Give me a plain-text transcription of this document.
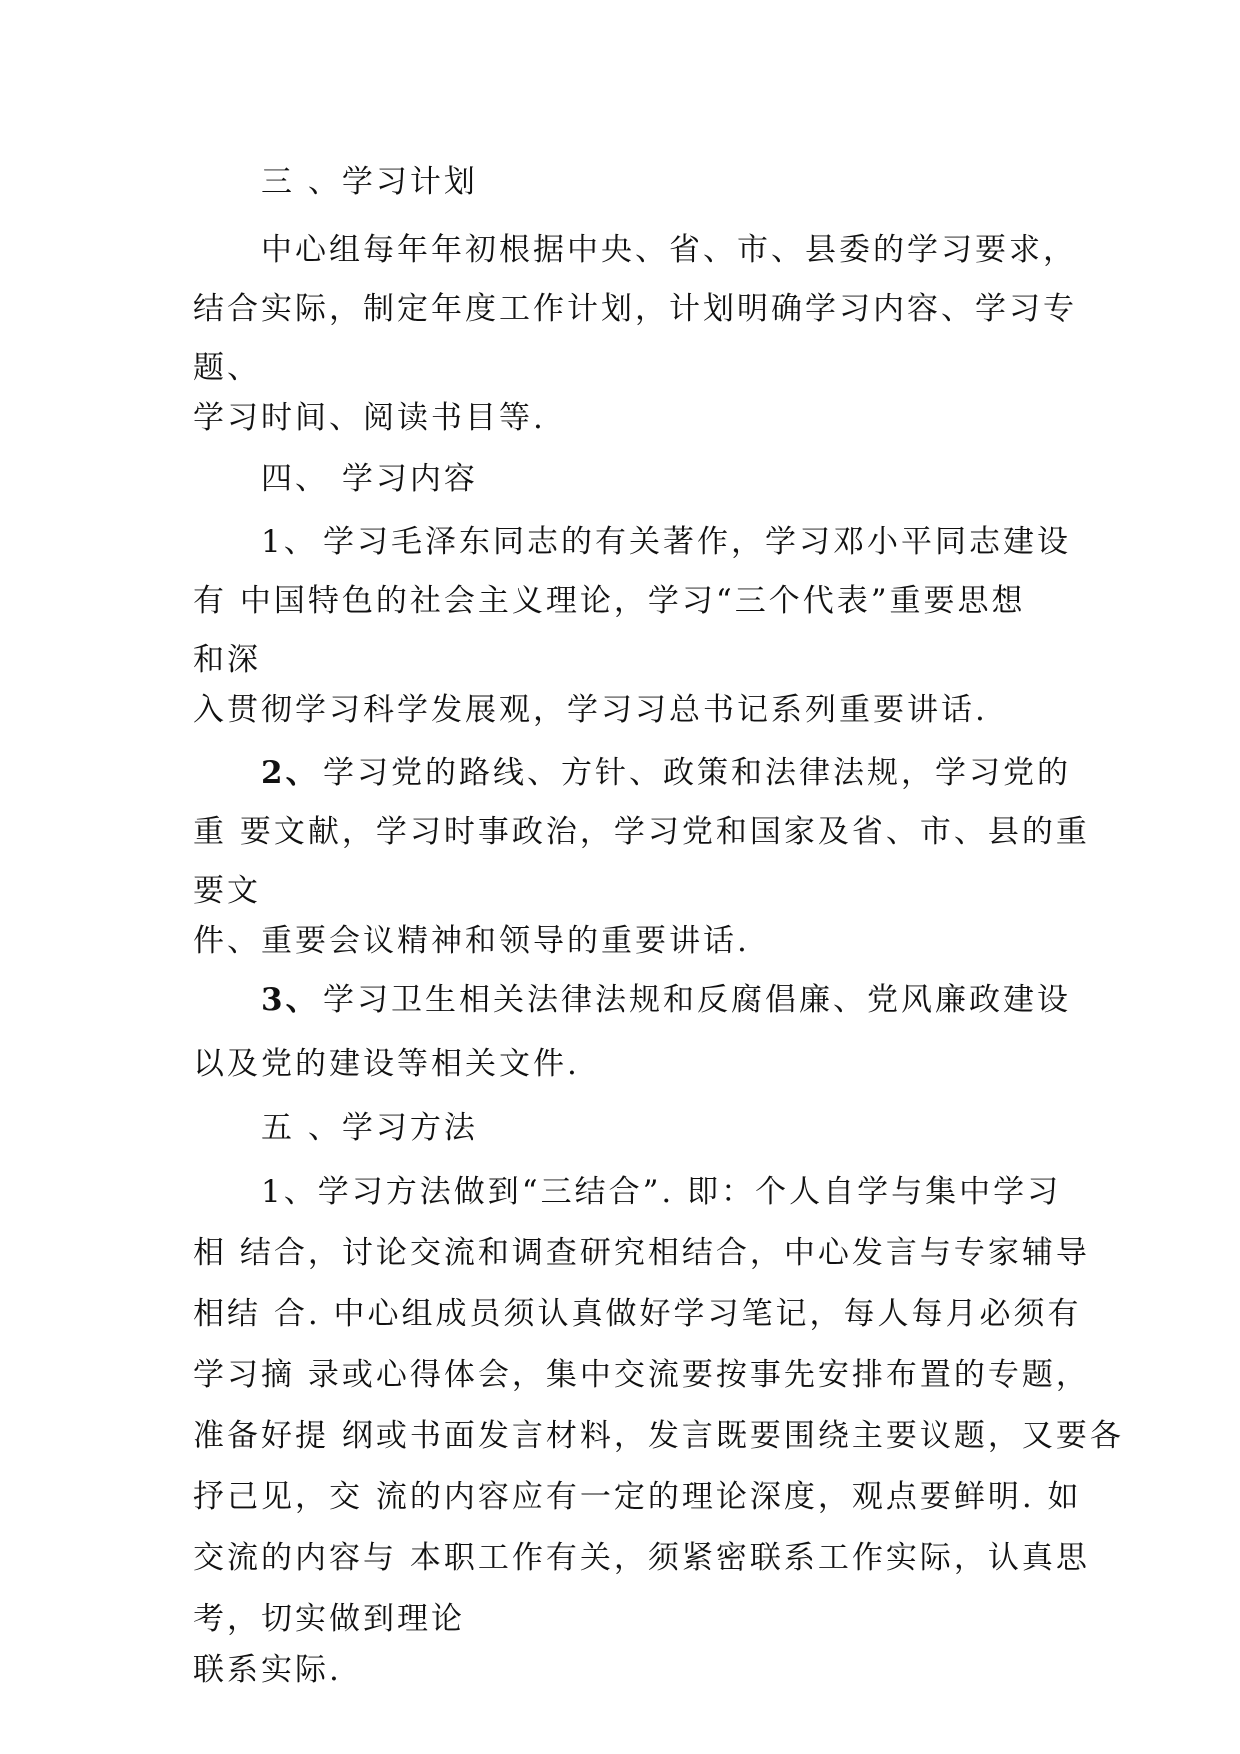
三 、学习计划

中心组每年年初根据中央、省、市、县委的学习要求，

结合实际，制定年度工作计划，计划明确学习内容、学习专

题、

学习时间、阅读书目等.

四、 学习内容

1、 学习毛泽东同志的有关著作，学习邓小平同志建设

有 中国特色的社会主义理论，学习“三个代表”重要思想

和深

入贯彻学习科学发展观，学习习总书记系列重要讲话.

2、 学习党的路线、方针、政策和法律法规，学习党的

重 要文献，学习时事政治，学习党和国家及省、市、县的重

要文

件、重要会议精神和领导的重要讲话.

3、 学习卫生相关法律法规和反腐倡廉、党风廉政建设

以及党的建设等相关文件.

五 、学习方法

1、学习方法做到“三结合”. 即：个人自学与集中学习

相 结合，讨论交流和调查研究相结合，中心发言与专家辅导

相结 合. 中心组成员须认真做好学习笔记，每人每月必须有

学习摘 录或心得体会，集中交流要按事先安排布置的专题，

准备好提 纲或书面发言材料，发言既要围绕主要议题，又要各

抒己见，交 流的内容应有一定的理论深度，观点要鲜明. 如

交流的内容与 本职工作有关，须紧密联系工作实际，认真思

考，切实做到理论

联系实际.
